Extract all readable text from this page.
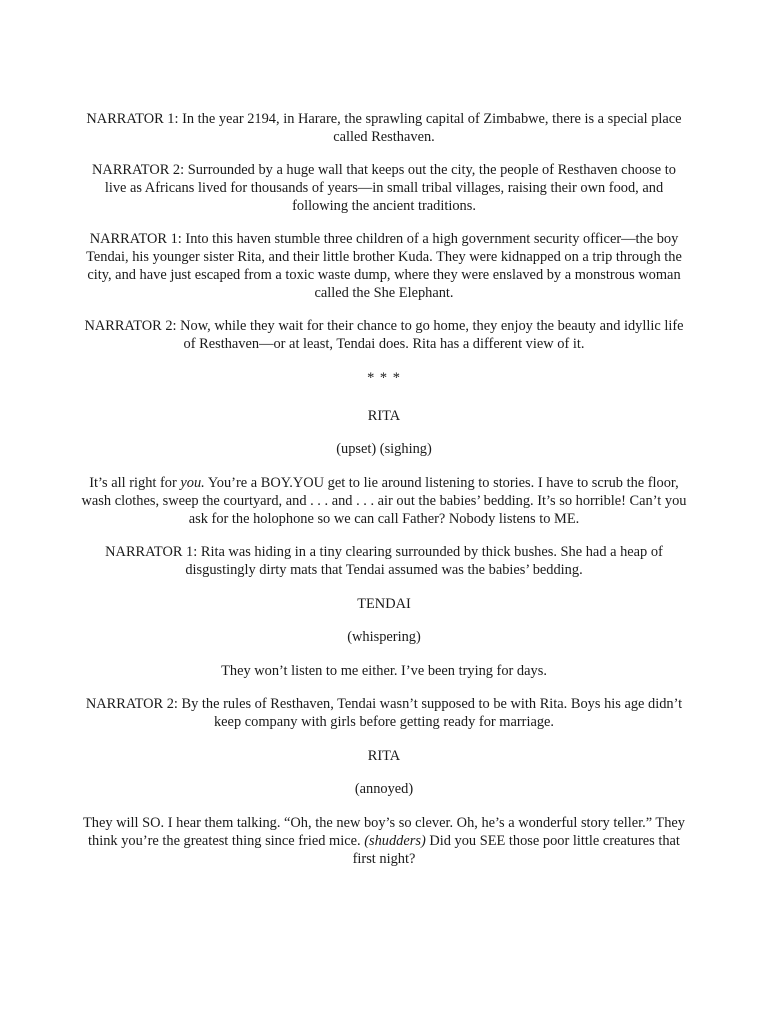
NARRATOR 1: In the year 2194, in Harare, the sprawling capital of Zimbabwe, there is a special place called Resthaven.

NARRATOR 2: Surrounded by a huge wall that keeps out the city, the people of Resthaven choose to live as Africans lived for thousands of years—in small tribal villages, raising their own food, and following the ancient traditions.

NARRATOR 1: Into this haven stumble three children of a high government security officer—the boy Tendai, his younger sister Rita, and their little brother Kuda. They were kidnapped on a trip through the city, and have just escaped from a toxic waste dump, where they were enslaved by a monstrous woman called the She Elephant.

NARRATOR 2: Now, while they wait for their chance to go home, they enjoy the beauty and idyllic life of Resthaven—or at least, Tendai does. Rita has a different view of it.

* * *

RITA

(upset) (sighing)

It’s all right for you. You’re a BOY.YOU get to lie around listening to stories. I have to scrub the floor, wash clothes, sweep the courtyard, and . . . and . . . air out the babies’ bedding. It’s so horrible! Can’t you ask for the holophone so we can call Father? Nobody listens to ME.

NARRATOR 1: Rita was hiding in a tiny clearing surrounded by thick bushes. She had a heap of disgustingly dirty mats that Tendai assumed was the babies’ bedding.

TENDAI

(whispering)

They won’t listen to me either. I’ve been trying for days.

NARRATOR 2: By the rules of Resthaven, Tendai wasn’t supposed to be with Rita. Boys his age didn’t keep company with girls before getting ready for marriage.

RITA

(annoyed)

They will SO. I hear them talking. “Oh, the new boy’s so clever. Oh, he’s a wonderful story teller.” They think you’re the greatest thing since fried mice. (shudders) Did you SEE those poor little creatures that first night?
